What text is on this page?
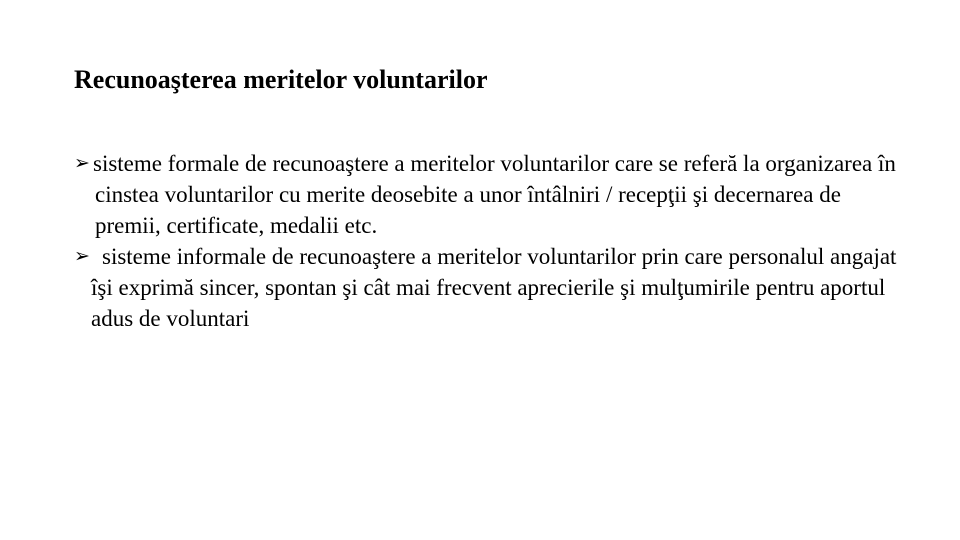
Recunoaşterea meritelor voluntarilor
➢ sisteme formale de recunoaştere a meritelor voluntarilor care se referă la organizarea în cinstea voluntarilor cu merite deosebite a unor întâlniri / recepţii şi decernarea de premii, certificate, medalii etc.
➢ sisteme informale de recunoaştere a meritelor voluntarilor prin care personalul angajat îşi exprimă sincer, spontan şi cât mai frecvent aprecierile şi mulţumirile pentru aportul adus de voluntari
